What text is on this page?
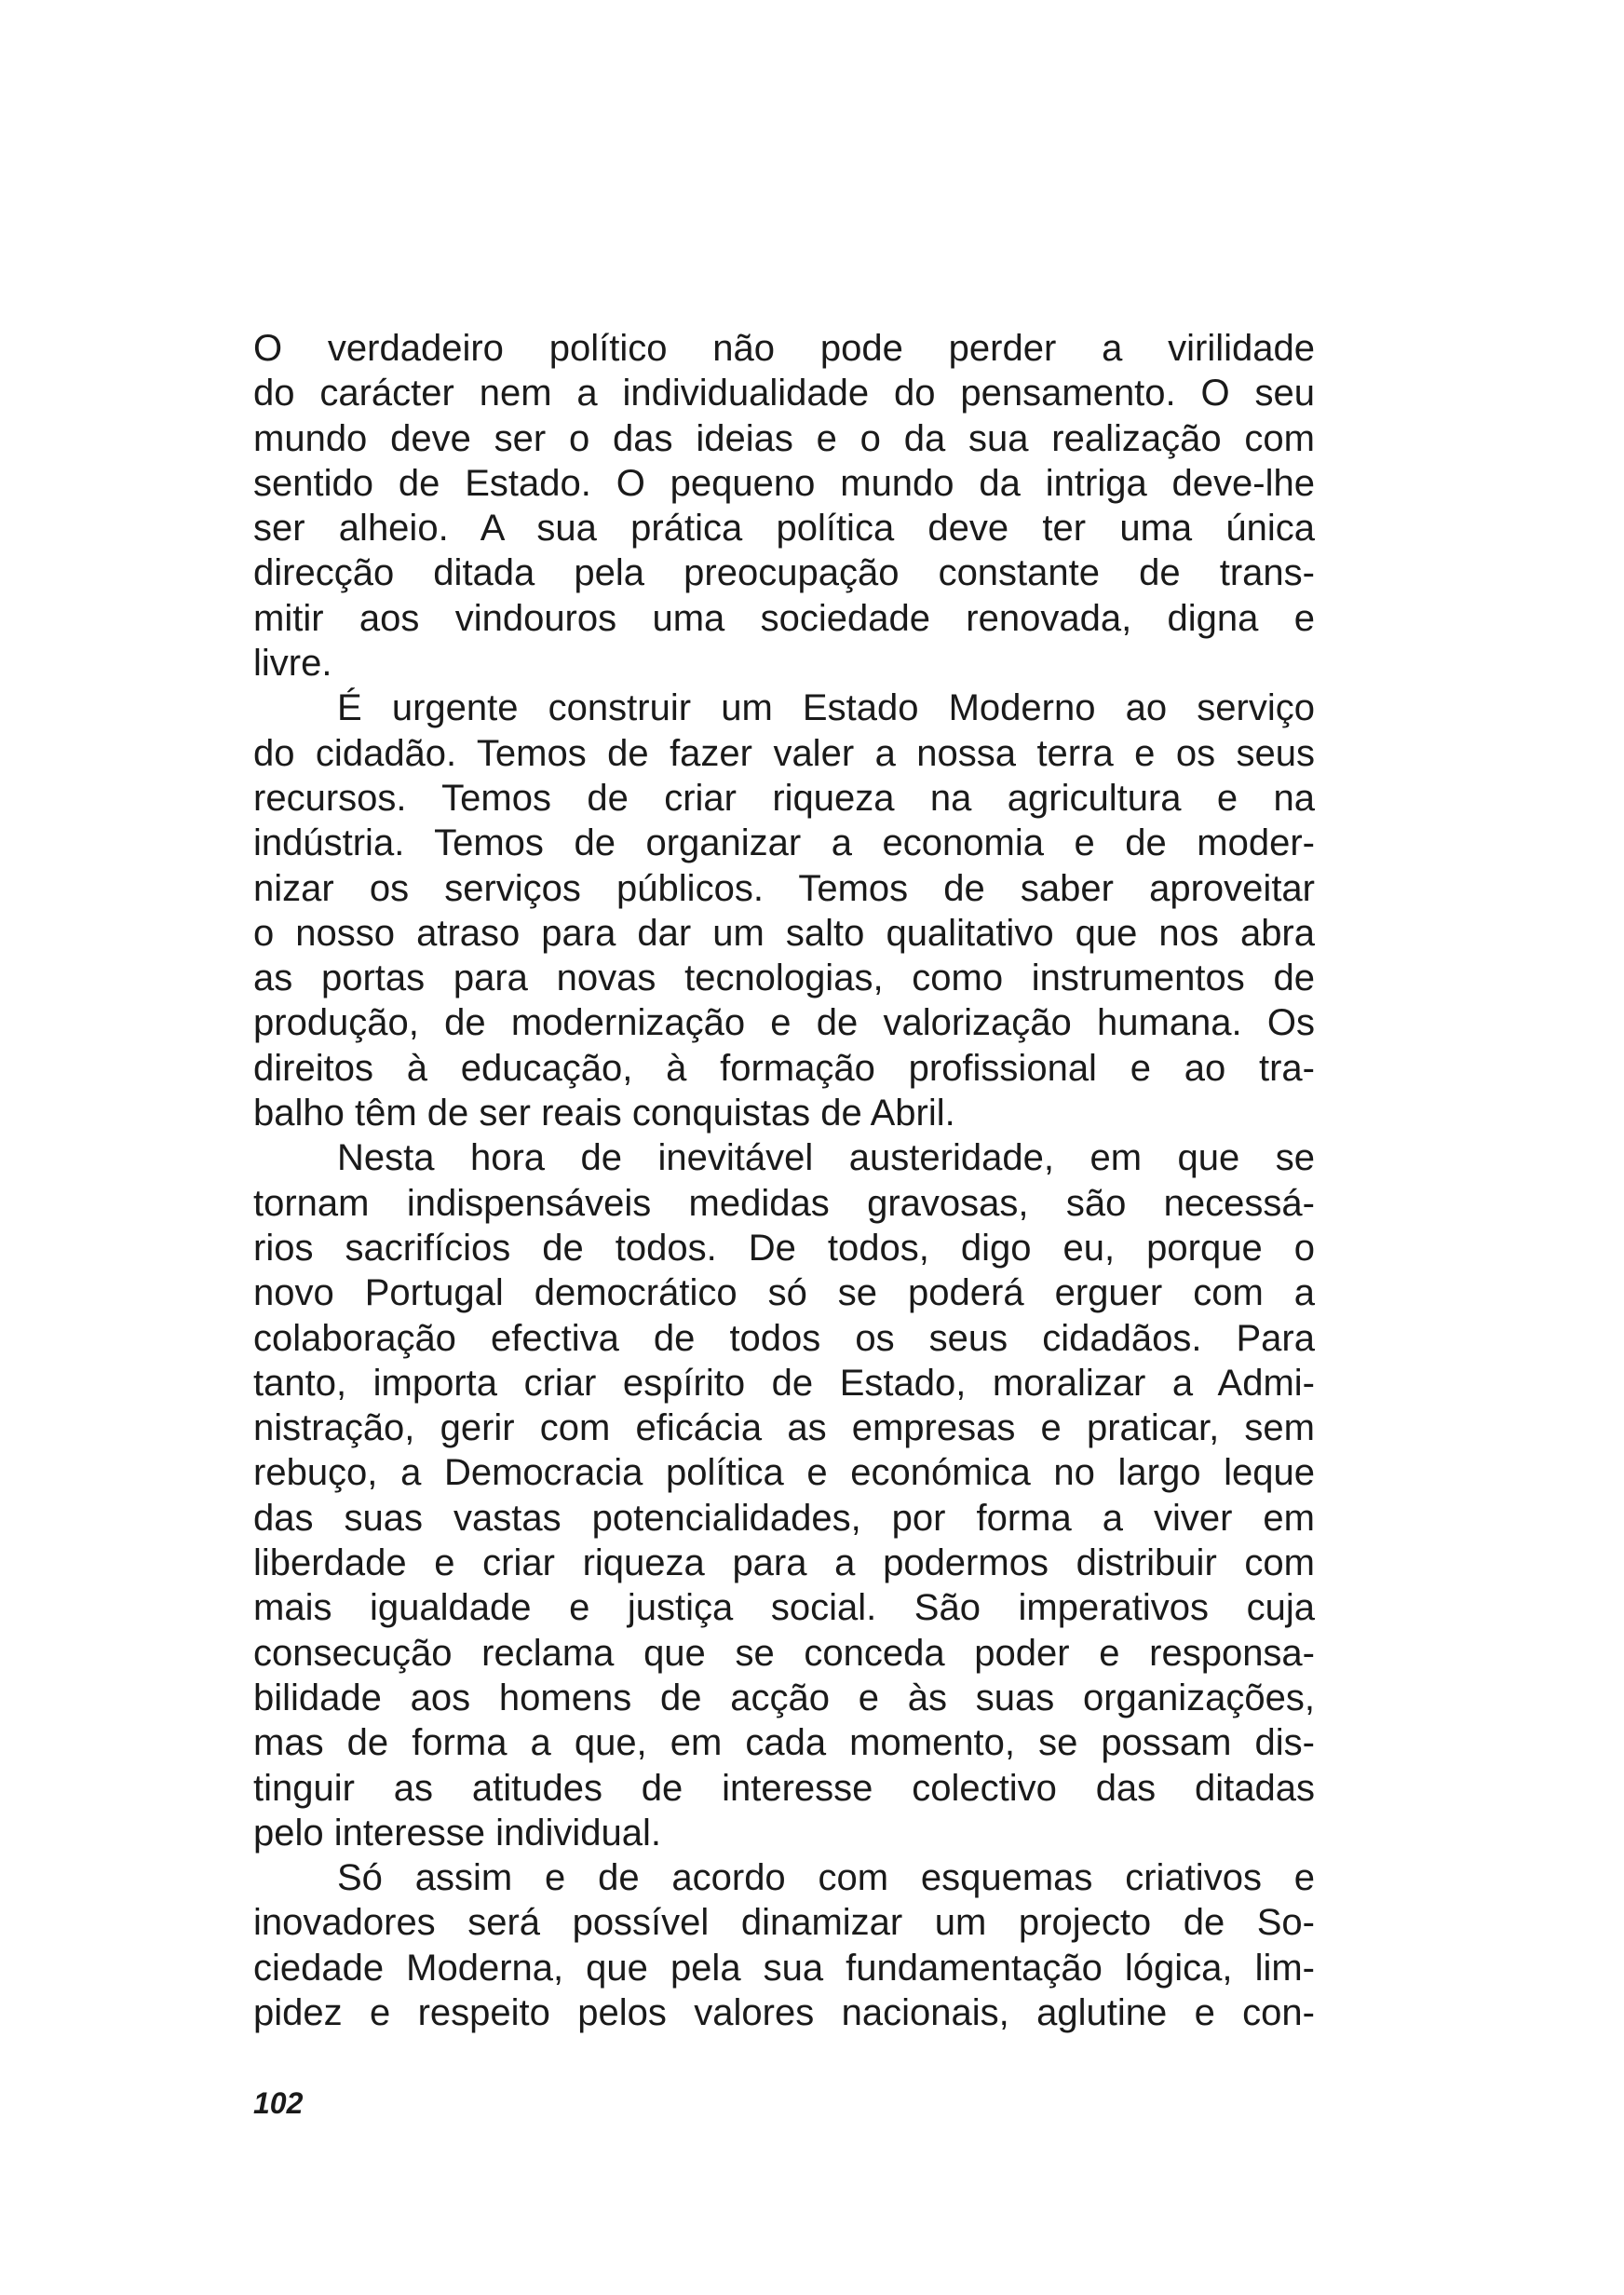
O verdadeiro político não pode perder a virilidade
do carácter nem a individualidade do pensamento. O seu
mundo deve ser o das ideias e o da sua realização com
sentido de Estado. O pequeno mundo da intriga deve-lhe
ser alheio. A sua prática política deve ter uma única
direcção ditada pela preocupação constante de trans-
mitir aos vindouros uma sociedade renovada, digna e
livre.
É urgente construir um Estado Moderno ao serviço
do cidadão. Temos de fazer valer a nossa terra e os seus
recursos. Temos de criar riqueza na agricultura e na
indústria. Temos de organizar a economia e de moder-
nizar os serviços públicos. Temos de saber aproveitar
o nosso atraso para dar um salto qualitativo que nos abra
as portas para novas tecnologias, como instrumentos de
produção, de modernização e de valorização humana. Os
direitos à educação, à formação profissional e ao tra-
balho têm de ser reais conquistas de Abril.
Nesta hora de inevitável austeridade, em que se
tornam indispensáveis medidas gravosas, são necessá-
rios sacrifícios de todos. De todos, digo eu, porque o
novo Portugal democrático só se poderá erguer com a
colaboração efectiva de todos os seus cidadãos. Para
tanto, importa criar espírito de Estado, moralizar a Admi-
nistração, gerir com eficácia as empresas e praticar, sem
rebuço, a Democracia política e económica no largo leque
das suas vastas potencialidades, por forma a viver em
liberdade e criar riqueza para a podermos distribuir com
mais igualdade e justiça social. São imperativos cuja
consecução reclama que se conceda poder e responsa-
bilidade aos homens de acção e às suas organizações,
mas de forma a que, em cada momento, se possam dis-
tinguir as atitudes de interesse colectivo das ditadas
pelo interesse individual.
Só assim e de acordo com esquemas criativos e
inovadores será possível dinamizar um projecto de So-
ciedade Moderna, que pela sua fundamentação lógica, lim-
pidez e respeito pelos valores nacionais, aglutine e con-
102
